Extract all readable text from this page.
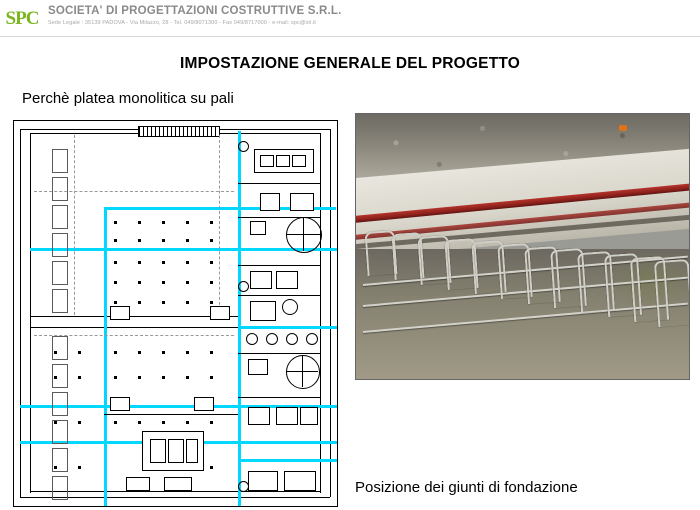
SPC SOCIETA' DI PROGETTAZIONI COSTRUTTIVE S.R.L.
Sede Legale : 35139 PADOVA - Via Milazzo, 28 - Tel. 049/8071300 - Fax 049/8717000 - e-mail: spc@iol.it
IMPOSTAZIONE GENERALE DEL PROGETTO
Perchè platea monolitica su pali
Posizione dei giunti di fondazione
